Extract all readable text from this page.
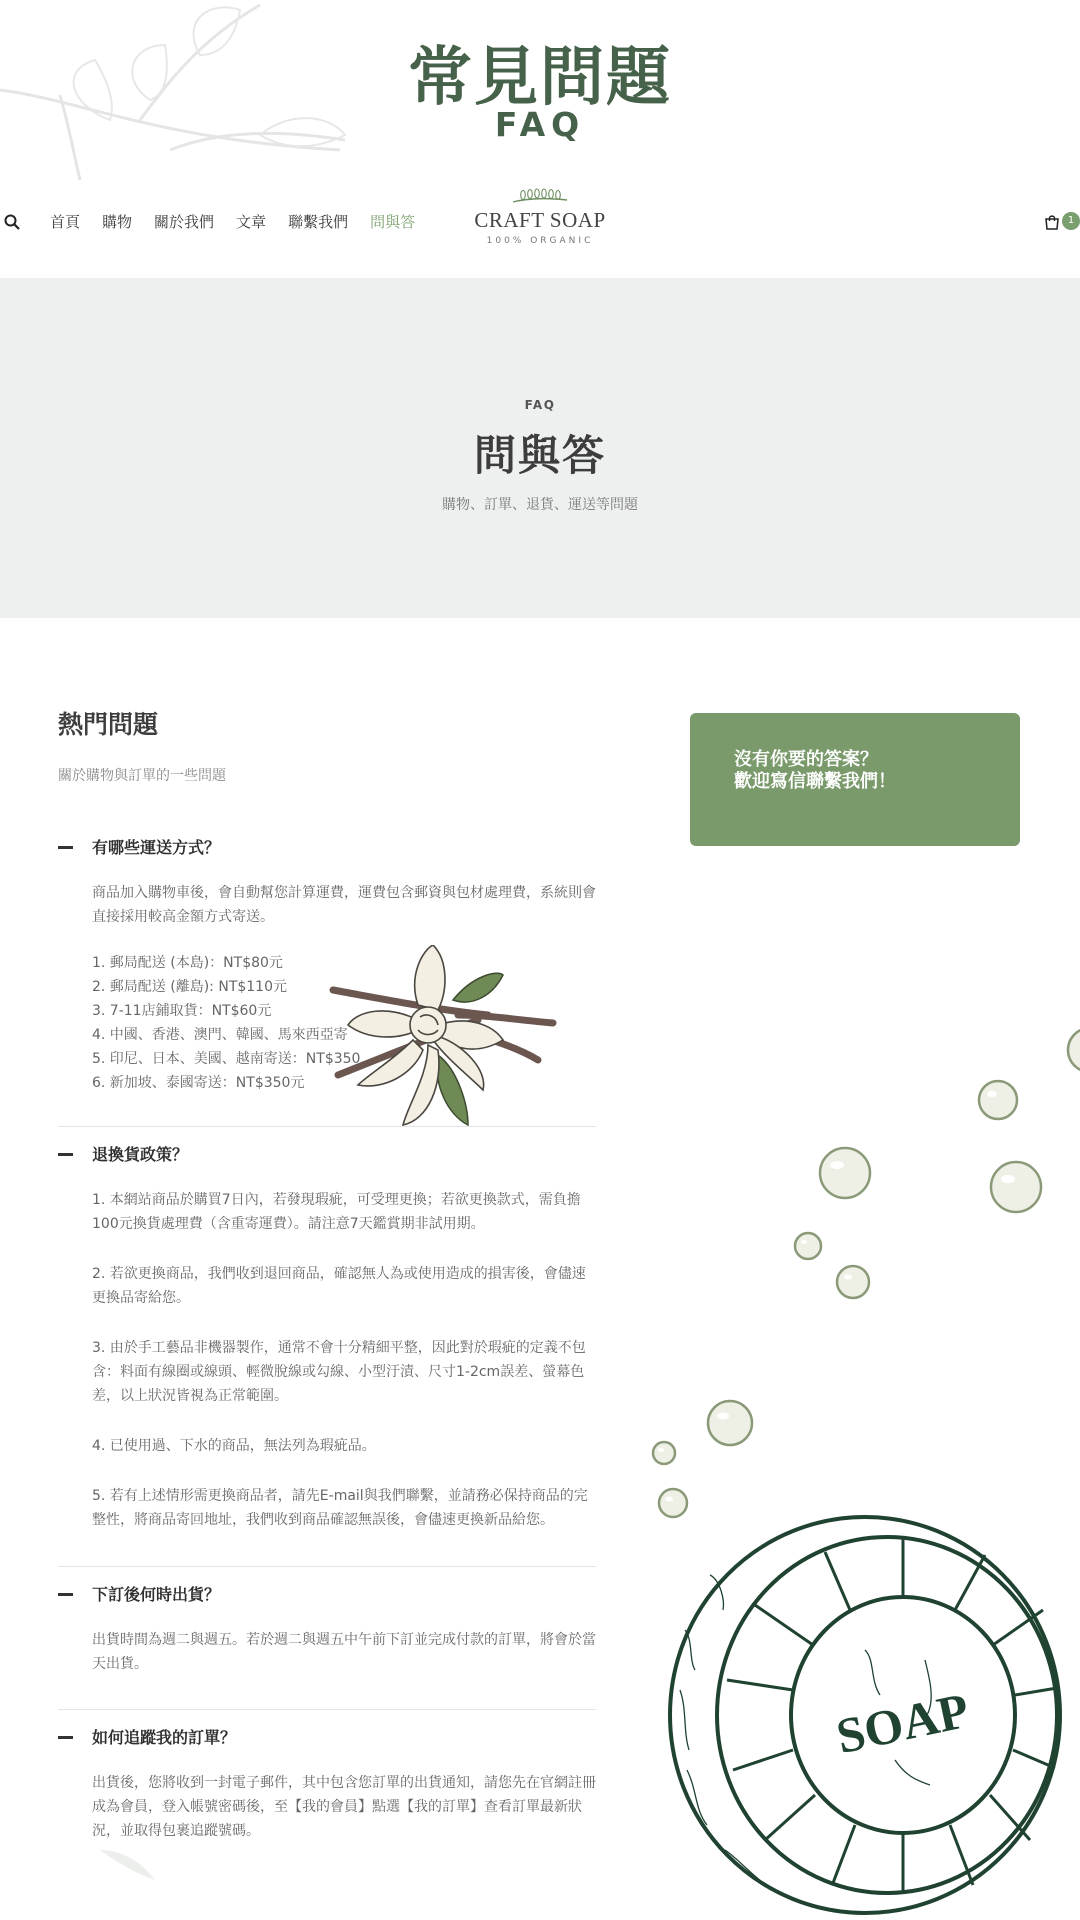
常見問題
FAQ
首頁 購物 關於我們 文章 聯繫我們 問與答	CRAFT SOAP
100% ORGANIC
1
FAQ
問與答
購物、訂單、退貨、運送等問題
熱門問題
關於購物與訂單的一些問題
有哪些運送方式？

商品加入購物車後，會自動幫您計算運費，運費包含郵資與包材處理費，系統則會直接採用較高金額方式寄送。

1. 郵局配送 (本島)：NT$80元
2. 郵局配送 (離島): NT$110元
3. 7-11店鋪取貨：NT$60元
4. 中國、香港、澳門、韓國、馬來西亞寄
5. 印尼、日本、美國、越南寄送：NT$350
6. 新加坡、泰國寄送：NT$350元
退換貨政策？

1. 本網站商品於購買7日內，若發現瑕疵，可受理更換；若欲更換款式，需負擔100元換貨處理費（含重寄運費）。請注意7天鑑賞期非試用期。

2. 若欲更換商品，我們收到退回商品，確認無人為或使用造成的損害後，會儘速更換品寄給您。

3. 由於手工藝品非機器製作，通常不會十分精細平整，因此對於瑕疵的定義不包含：料面有線圈或線頭、輕微脫線或勾線、小型汙漬、尺寸1-2cm誤差、螢幕色差，以上狀況皆視為正常範圍。

4. 已使用過、下水的商品，無法列為瑕疵品。

5. 若有上述情形需更換商品者，請先E-mail與我們聯繫，並請務必保持商品的完整性，將商品寄回地址，我們收到商品確認無誤後，會儘速更換新品給您。

下訂後何時出貨？

出貨時間為週二與週五。若於週二與週五中午前下訂並完成付款的訂單，將會於當天出貨。

如何追蹤我的訂單？

出貨後，您將收到一封電子郵件，其中包含您訂單的出貨通知，請您先在官網註冊成為會員，登入帳號密碼後，至【我的會員】點選【我的訂單】查看訂單最新狀況，並取得包裹追蹤號碼。

沒有你要的答案？
歡迎寫信聯繫我們！
SOAP
